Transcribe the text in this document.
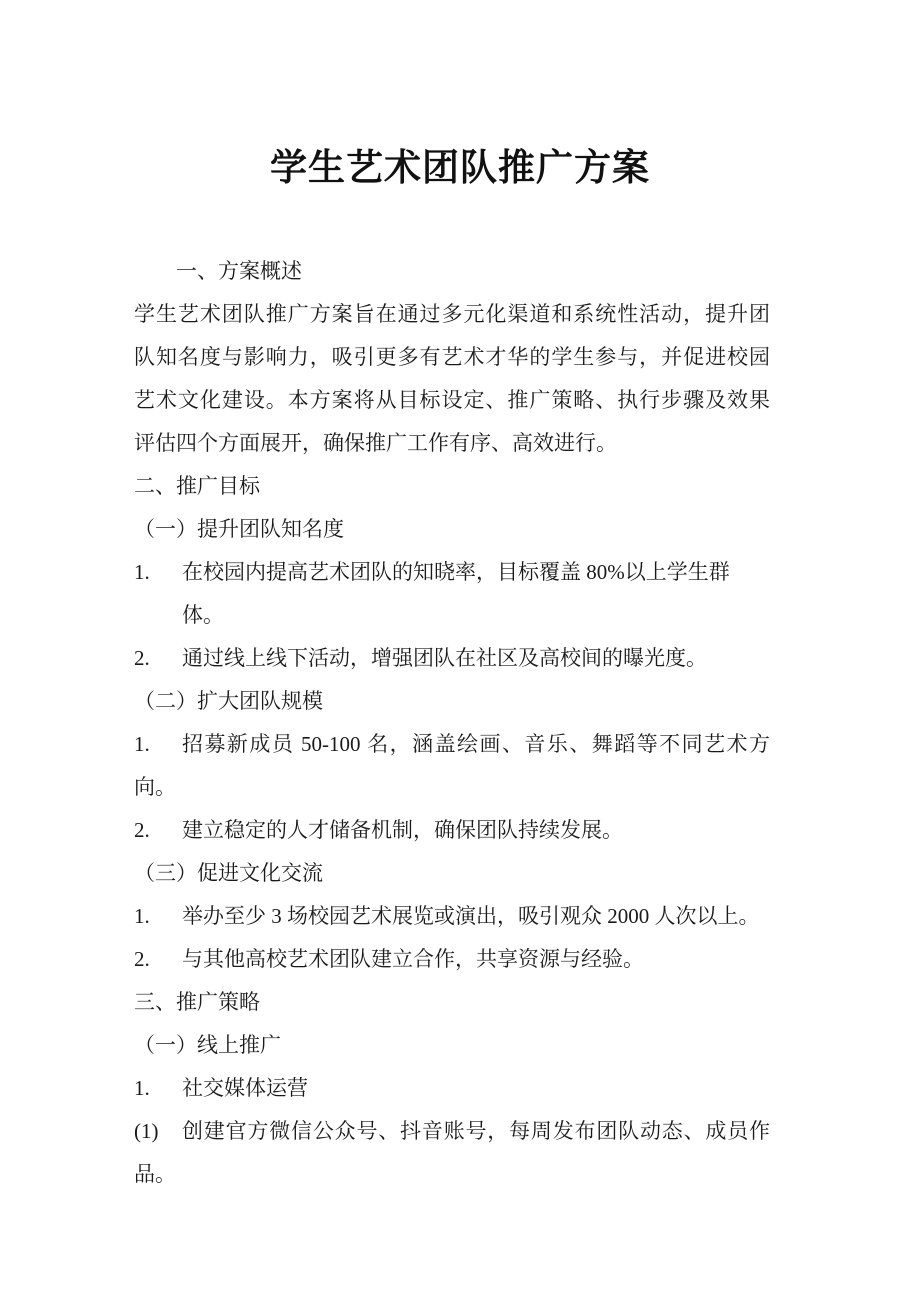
学生艺术团队推广方案
一、方案概述
学生艺术团队推广方案旨在通过多元化渠道和系统性活动，提升团
队知名度与影响力，吸引更多有艺术才华的学生参与，并促进校园
艺术文化建设。本方案将从目标设定、推广策略、执行步骤及效果
评估四个方面展开，确保推广工作有序、高效进行。
二、推广目标
（一）提升团队知名度
1.	在校园内提高艺术团队的知晓率，目标覆盖 80%以上学生群体。
2.	通过线上线下活动，增强团队在社区及高校间的曝光度。
（二）扩大团队规模
1.	招募新成员 50-100 名，涵盖绘画、音乐、舞蹈等不同艺术方
向。
2.	建立稳定的人才储备机制，确保团队持续发展。
（三）促进文化交流
1.	举办至少 3 场校园艺术展览或演出，吸引观众 2000 人次以上。
2.	与其他高校艺术团队建立合作，共享资源与经验。
三、推广策略
（一）线上推广
1.	社交媒体运营
(1)	创建官方微信公众号、抖音账号，每周发布团队动态、成员作
品。
